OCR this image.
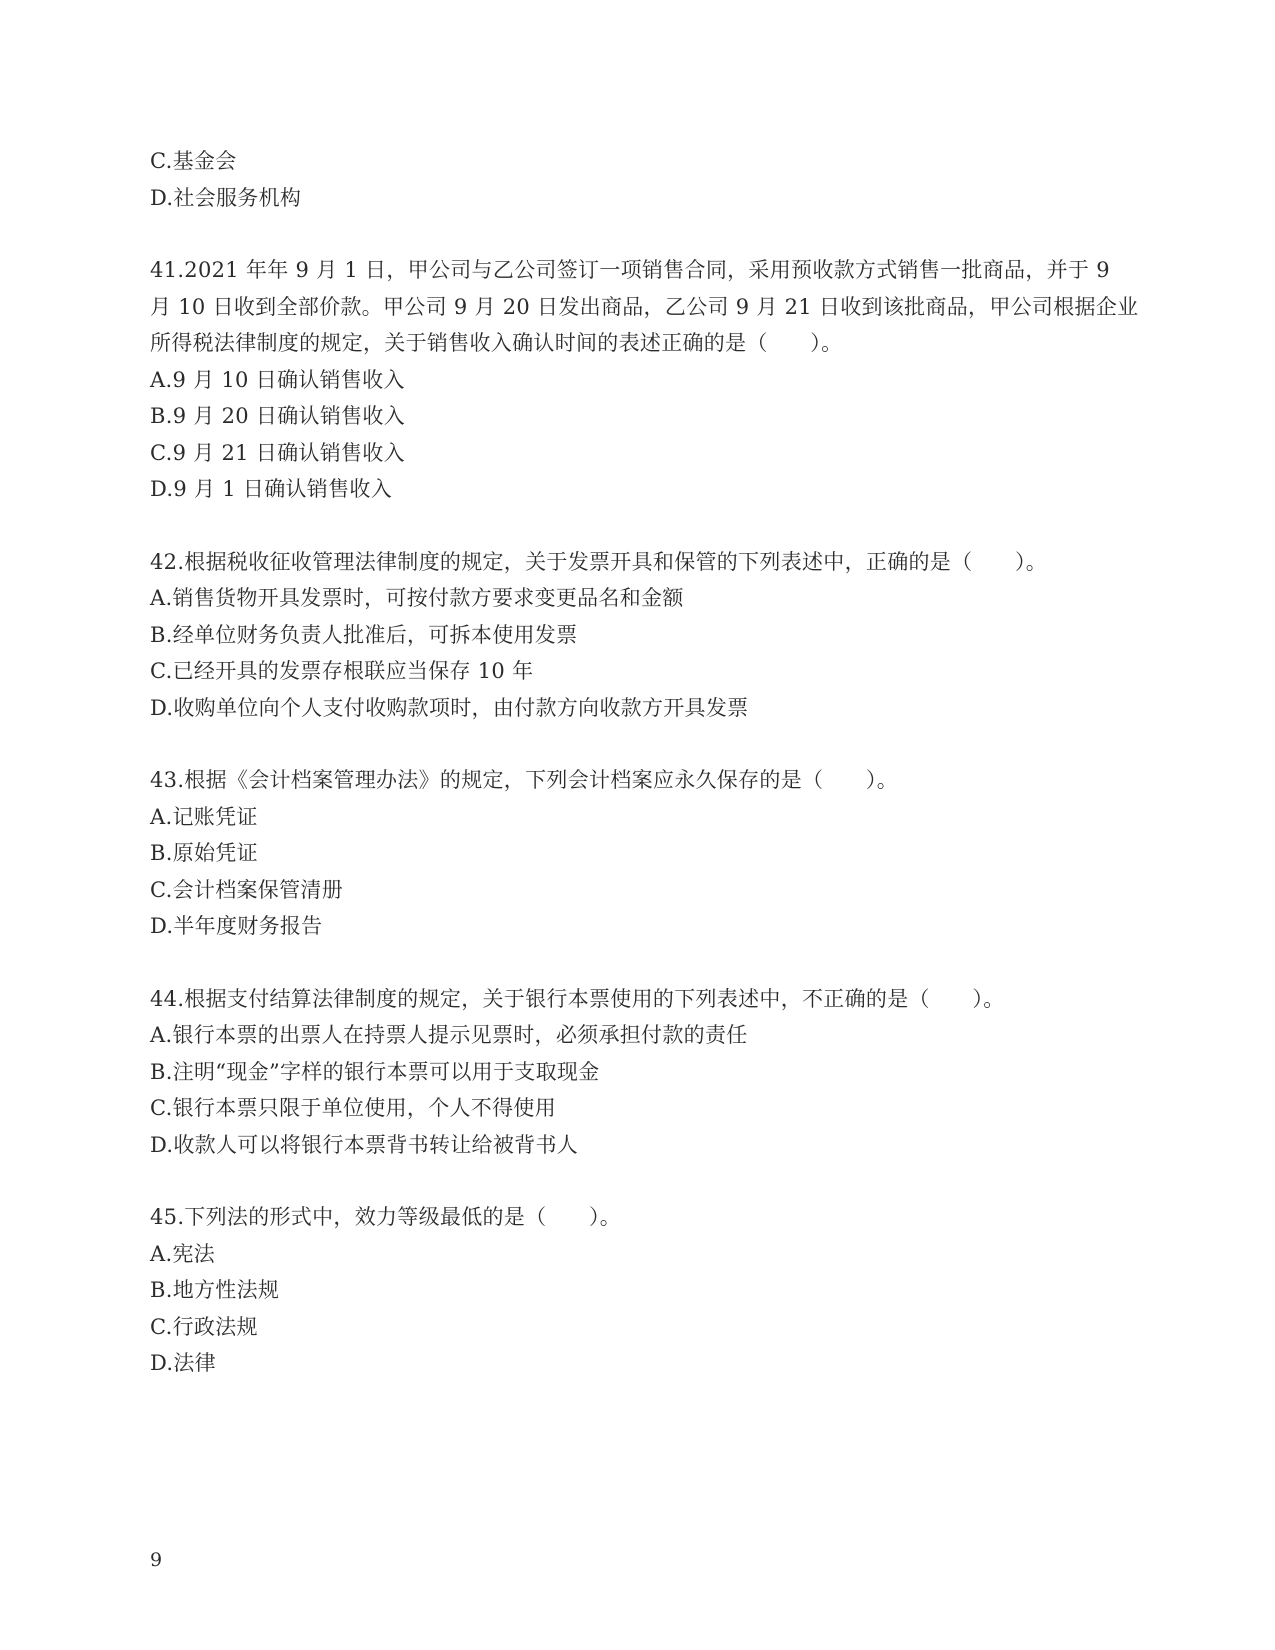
C.基金会
D.社会服务机构
41.2021 年年 9 月 1 日，甲公司与乙公司签订一项销售合同，采用预收款方式销售一批商品，并于 9
月 10 日收到全部价款。甲公司 9 月 20 日发出商品，乙公司 9 月 21 日收到该批商品，甲公司根据企业
所得税法律制度的规定，关于销售收入确认时间的表述正确的是（　　）。
A.9 月 10 日确认销售收入
B.9 月 20 日确认销售收入
C.9 月 21 日确认销售收入
D.9 月 1 日确认销售收入
42.根据税收征收管理法律制度的规定，关于发票开具和保管的下列表述中，正确的是（　　）。
A.销售货物开具发票时，可按付款方要求变更品名和金额
B.经单位财务负责人批准后，可拆本使用发票
C.已经开具的发票存根联应当保存 10 年
D.收购单位向个人支付收购款项时，由付款方向收款方开具发票
43.根据《会计档案管理办法》的规定，下列会计档案应永久保存的是（　　）。
A.记账凭证
B.原始凭证
C.会计档案保管清册
D.半年度财务报告
44.根据支付结算法律制度的规定，关于银行本票使用的下列表述中，不正确的是（　　）。
A.银行本票的出票人在持票人提示见票时，必须承担付款的责任
B.注明“现金”字样的银行本票可以用于支取现金
C.银行本票只限于单位使用，个人不得使用
D.收款人可以将银行本票背书转让给被背书人
45.下列法的形式中，效力等级最低的是（　　）。
A.宪法
B.地方性法规
C.行政法规
D.法律
9
